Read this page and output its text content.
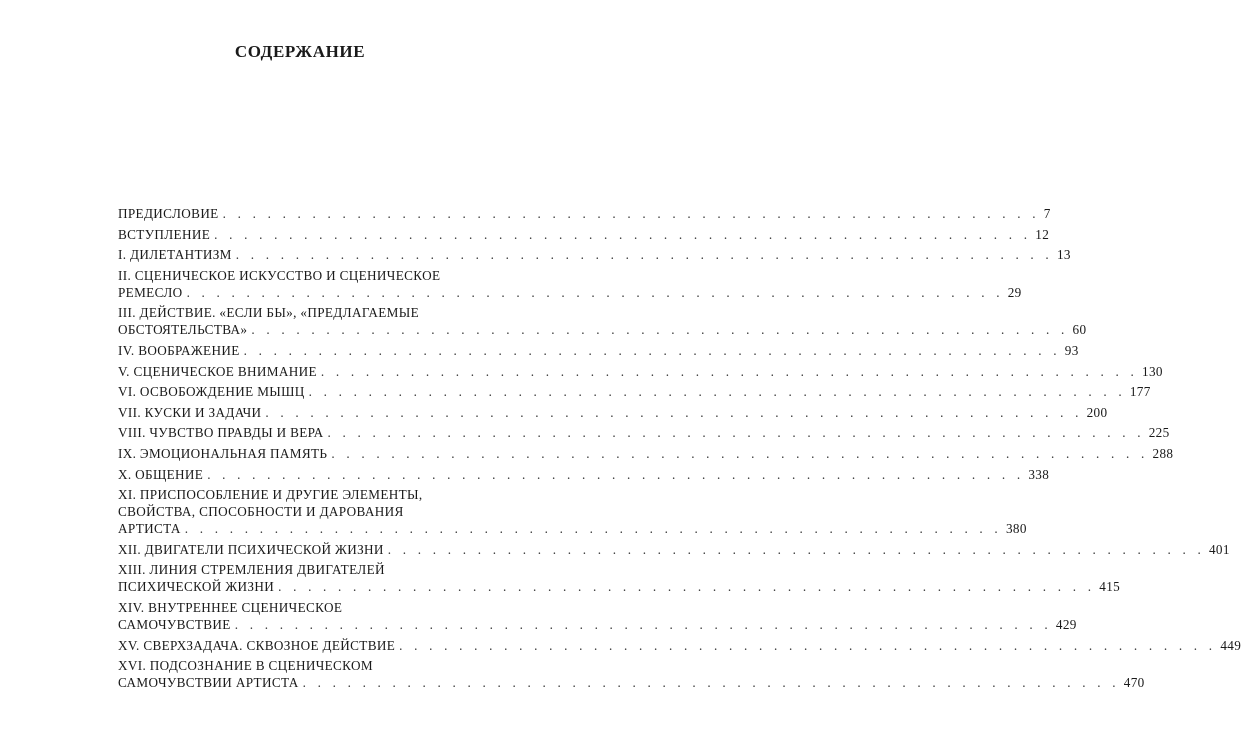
СОДЕРЖАНИЕ
ПРЕДИСЛОВИЕ . . . . . . . . . . . . . . . . . . . . . . . . . . . . . . . . . . . . . . . . . . . . . . . . . . . . . . . 7
ВСТУПЛЕНИЕ . . . . . . . . . . . . . . . . . . . . . . . . . . . . . . . . . . . . . . . . . . . . . . . . . . . . . . . 12
I. ДИЛЕТАНТИЗМ . . . . . . . . . . . . . . . . . . . . . . . . . . . . . . . . . . . . . . . . . . . . . . . . . . . . . . . 13
II. СЦЕНИЧЕСКОЕ ИСКУССТВО И СЦЕНИЧЕСКОЕ
РЕМЕСЛО . . . . . . . . . . . . . . . . . . . . . . . . . . . . . . . . . . . . . . . . . . . . . . . . . . . . . . . 29
III. ДЕЙСТВИЕ. «ЕСЛИ БЫ», «ПРЕДЛАГАЕМЫЕ
ОБСТОЯТЕЛЬСТВА» . . . . . . . . . . . . . . . . . . . . . . . . . . . . . . . . . . . . . . . . . . . . . . . . . . . . . . . 60
IV. ВООБРАЖЕНИЕ . . . . . . . . . . . . . . . . . . . . . . . . . . . . . . . . . . . . . . . . . . . . . . . . . . . . . . . 93
V. СЦЕНИЧЕСКОЕ ВНИМАНИЕ . . . . . . . . . . . . . . . . . . . . . . . . . . . . . . . . . . . . . . . . . . . . . . . . . . . . . . . 130
VI. ОСВОБОЖДЕНИЕ МЫШЦ . . . . . . . . . . . . . . . . . . . . . . . . . . . . . . . . . . . . . . . . . . . . . . . . . . . . . . . 177
VII. КУСКИ И ЗАДАЧИ . . . . . . . . . . . . . . . . . . . . . . . . . . . . . . . . . . . . . . . . . . . . . . . . . . . . . . . 200
VIII. ЧУВСТВО ПРАВДЫ И ВЕРА . . . . . . . . . . . . . . . . . . . . . . . . . . . . . . . . . . . . . . . . . . . . . . . . . . . . . . . 225
IX. ЭМОЦИОНАЛЬНАЯ ПАМЯТЬ . . . . . . . . . . . . . . . . . . . . . . . . . . . . . . . . . . . . . . . . . . . . . . . . . . . . . . . 288
X. ОБЩЕНИЕ . . . . . . . . . . . . . . . . . . . . . . . . . . . . . . . . . . . . . . . . . . . . . . . . . . . . . . . 338
XI. ПРИСПОСОБЛЕНИЕ И ДРУГИЕ ЭЛЕМЕНТЫ,
СВОЙСТВА, СПОСОБНОСТИ И ДАРОВАНИЯ
АРТИСТА . . . . . . . . . . . . . . . . . . . . . . . . . . . . . . . . . . . . . . . . . . . . . . . . . . . . . . . 380
XII. ДВИГАТЕЛИ ПСИХИЧЕСКОЙ ЖИЗНИ . . . . . . . . . . . . . . . . . . . . . . . . . . . . . . . . . . . . . . . . . . . . . . . . . . . . . . . 401
XIII. ЛИНИЯ СТРЕМЛЕНИЯ ДВИГАТЕЛЕЙ
ПСИХИЧЕСКОЙ ЖИЗНИ . . . . . . . . . . . . . . . . . . . . . . . . . . . . . . . . . . . . . . . . . . . . . . . . . . . . . . . 415
XIV. ВНУТРЕННЕЕ СЦЕНИЧЕСКОЕ
САМОЧУВСТВИЕ . . . . . . . . . . . . . . . . . . . . . . . . . . . . . . . . . . . . . . . . . . . . . . . . . . . . . . . 429
XV. СВЕРХЗАДАЧА. СКВОЗНОЕ ДЕЙСТВИЕ . . . . . . . . . . . . . . . . . . . . . . . . . . . . . . . . . . . . . . . . . . . . . . . . . . . . . . . 449
XVI. ПОДСОЗНАНИЕ В СЦЕНИЧЕСКОМ
САМОЧУВСТВИИ АРТИСТА . . . . . . . . . . . . . . . . . . . . . . . . . . . . . . . . . . . . . . . . . . . . . . . . . . . . . . . 470
